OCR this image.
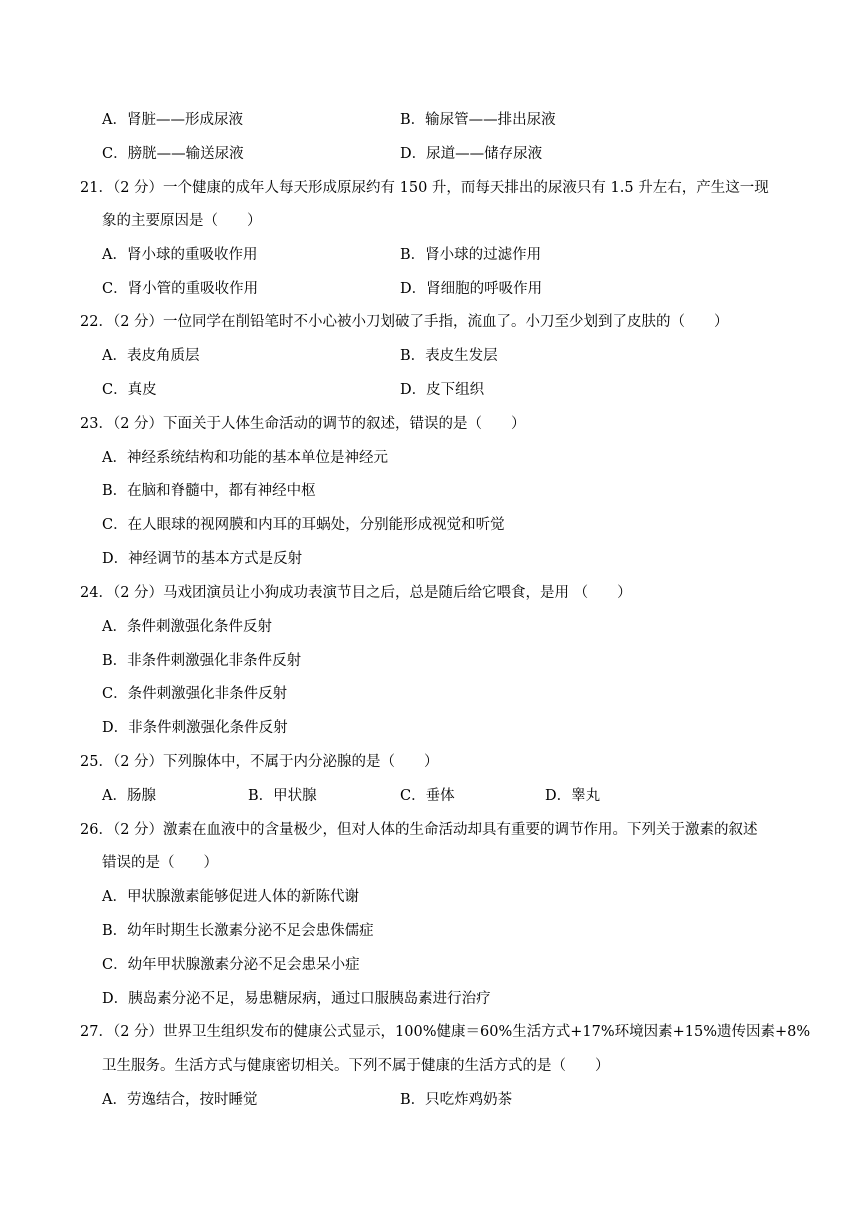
A．肾脏——形成尿液	B．输尿管——排出尿液
C．膀胱——输送尿液	D．尿道——储存尿液
21．（2 分）一个健康的成年人每天形成原尿约有 150 升，而每天排出的尿液只有 1.5 升左右，产生这一现
象的主要原因是（　　）
A．肾小球的重吸收作用	B．肾小球的过滤作用
C．肾小管的重吸收作用	D．肾细胞的呼吸作用
22．（2 分）一位同学在削铅笔时不小心被小刀划破了手指，流血了。小刀至少划到了皮肤的（　　）
A．表皮角质层	B．表皮生发层
C．真皮	D．皮下组织
23．（2 分）下面关于人体生命活动的调节的叙述，错误的是（　　）
A．神经系统结构和功能的基本单位是神经元
B．在脑和脊髓中，都有神经中枢
C．在人眼球的视网膜和内耳的耳蜗处，分别能形成视觉和听觉
D．神经调节的基本方式是反射
24．（2 分）马戏团演员让小狗成功表演节目之后，总是随后给它喂食，是用 （　　）
A．条件刺激强化条件反射
B．非条件刺激强化非条件反射
C．条件刺激强化非条件反射
D．非条件刺激强化条件反射
25．（2 分）下列腺体中，不属于内分泌腺的是（　　）
A．肠腺	B．甲状腺	C．垂体	D．睾丸
26．（2 分）激素在血液中的含量极少，但对人体的生命活动却具有重要的调节作用。下列关于激素的叙述
错误的是（　　）
A．甲状腺激素能够促进人体的新陈代谢
B．幼年时期生长激素分泌不足会患侏儒症
C．幼年甲状腺激素分泌不足会患呆小症
D．胰岛素分泌不足，易患糖尿病，通过口服胰岛素进行治疗
27．（2 分）世界卫生组织发布的健康公式显示，100%健康＝60%生活方式+17%环境因素+15%遗传因素+8%
卫生服务。生活方式与健康密切相关。下列不属于健康的生活方式的是（　　）
A．劳逸结合，按时睡觉	B．只吃炸鸡奶茶
